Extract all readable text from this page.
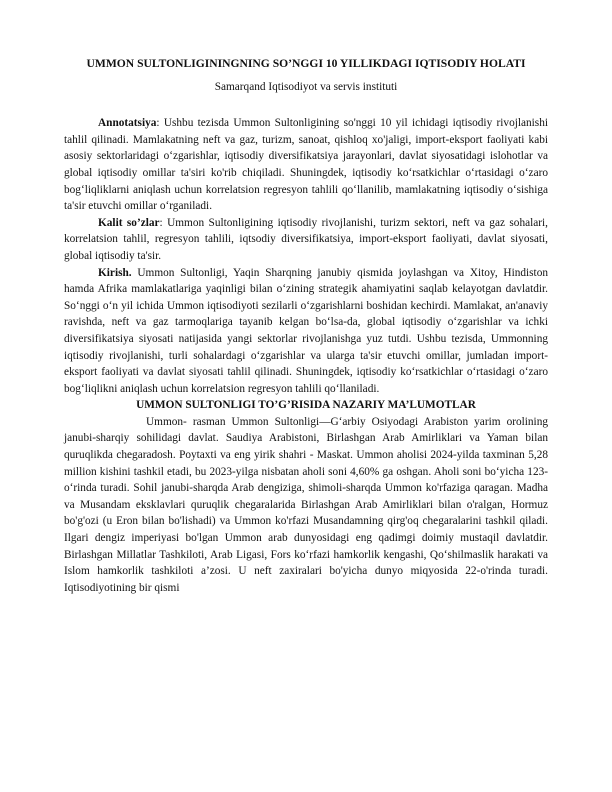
UMMON SULTONLIGININGNING SO’NGGI 10 YILLIKDAGI IQTISODIY HOLATI
Samarqand Iqtisodiyot va servis instituti

Annotatsiya: Ushbu tezisda Ummon Sultonligining so'nggi 10 yil ichidagi iqtisodiy rivojlanishi tahlil qilinadi. Mamlakatning neft va gaz, turizm, sanoat, qishloq xo'jaligi, import-eksport faoliyati kabi asosiy sektorlaridagi o‘zgarishlar, iqtisodiy diversifikatsiya jarayonlari, davlat siyosatidagi islohotlar va global iqtisodiy omillar ta'siri ko'rib chiqiladi. Shuningdek, iqtisodiy ko‘rsatkichlar o‘rtasidagi o‘zaro bog‘liqliklarni aniqlash uchun korrelatsion regresyon tahlili qo‘llanilib, mamlakatning iqtisodiy o‘sishiga ta'sir etuvchi omillar o‘rganiladi.

Kalit so’zlar: Ummon Sultonligining iqtisodiy rivojlanishi, turizm sektori, neft va gaz sohalari, korrelatsion tahlil, regresyon tahlili, iqtsodiy diversifikatsiya, import-eksport faoliyati, davlat siyosati, global iqtisodiy ta'sir.

Kirish. Ummon Sultonligi, Yaqin Sharqning janubiy qismida joylashgan va Xitoy, Hindiston hamda Afrika mamlakatlariga yaqinligi bilan o‘zining strategik ahamiyatini saqlab kelayotgan davlatdir. So‘nggi o‘n yil ichida Ummon iqtisodiyoti sezilarli o‘zgarishlarni boshidan kechirdi. Mamlakat, an'anaviy ravishda, neft va gaz tarmoqlariga tayanib kelgan bo‘lsa-da, global iqtisodiy o‘zgarishlar va ichki diversifikatsiya siyosati natijasida yangi sektorlar rivojlanishga yuz tutdi. Ushbu tezisda, Ummonning iqtisodiy rivojlanishi, turli sohalardagi o‘zgarishlar va ularga ta'sir etuvchi omillar, jumladan import-eksport faoliyati va davlat siyosati tahlil qilinadi. Shuningdek, iqtisodiy ko‘rsatkichlar o‘rtasidagi o‘zaro bog‘liqlikni aniqlash uchun korrelatsion regresyon tahlili qo‘llaniladi.

UMMON SULTONLIGI TO’G’RISIDA NAZARIY MA’LUMOTLAR

Ummon- rasman Ummon Sultonligi—G‘arbiy Osiyodagi Arabiston yarim orolining janubi-sharqiy sohilidagi davlat. Saudiya Arabistoni, Birlashgan Arab Amirliklari va Yaman bilan quruqlikda chegaradosh. Poytaxti va eng yirik shahri - Maskat. Ummon aholisi 2024-yilda taxminan 5,28 million kishini tashkil etadi, bu 2023-yilga nisbatan aholi soni 4,60% ga oshgan. Aholi soni bo‘yicha 123-o‘rinda turadi. Sohil janubi-sharqda Arab dengiziga, shimoli-sharqda Ummon ko'rfaziga qaragan. Madha va Musandam eksklavlari quruqlik chegaralarida Birlashgan Arab Amirliklari bilan o'ralgan, Hormuz bo'g'ozi (u Eron bilan bo'lishadi) va Ummon ko'rfazi Musandamning qirg'oq chegaralarini tashkil qiladi. Ilgari dengiz imperiyasi bo'lgan Ummon arab dunyosidagi eng qadimgi doimiy mustaqil davlatdir. Birlashgan Millatlar Tashkiloti, Arab Ligasi, Fors ko‘rfazi hamkorlik kengashi, Qo‘shilmaslik harakati va Islom hamkorlik tashkiloti a’zosi. U neft zaxiralari bo'yicha dunyo miqyosida 22-o'rinda turadi. Iqtisodiyotining bir qismi
